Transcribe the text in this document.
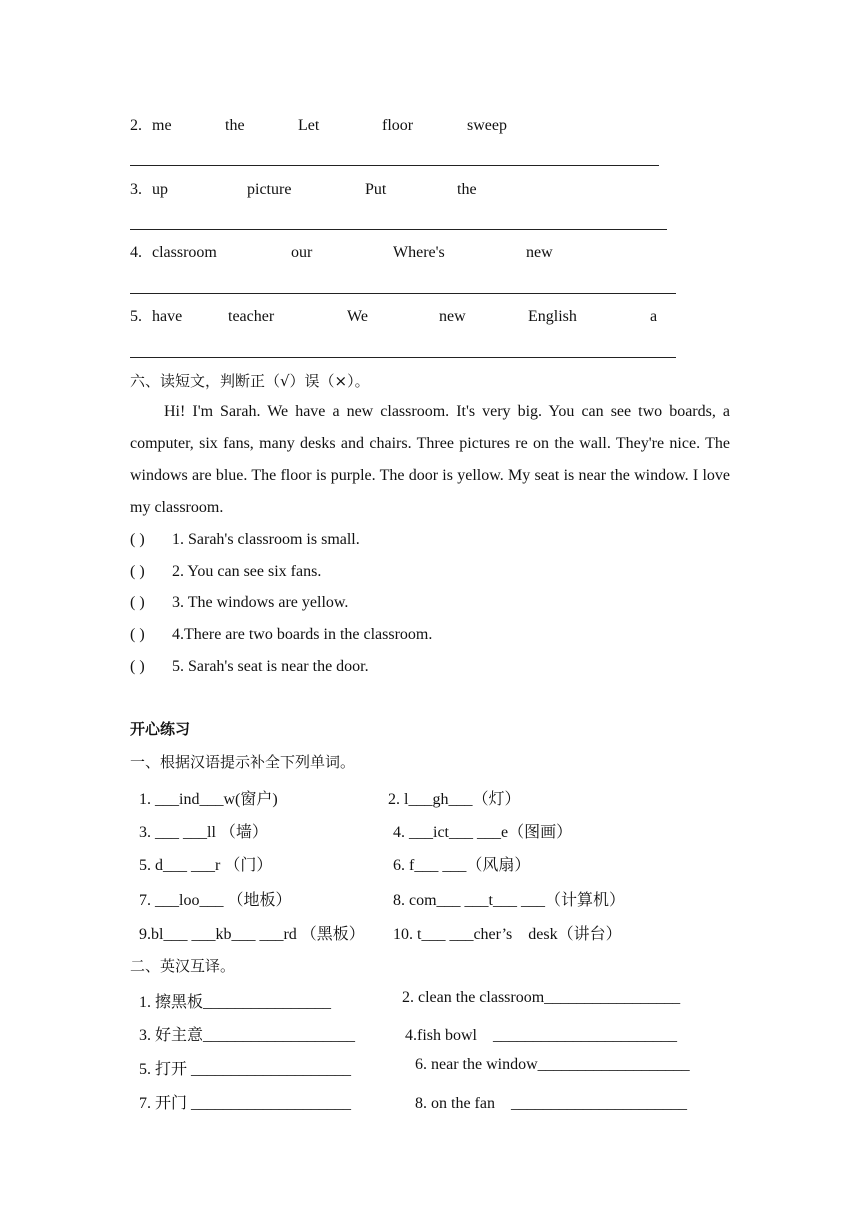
2. me	the	Let	floor	sweep
3. up	picture	Put	the
4. classroom	our	Where's	new
5. have	teacher	We	new	English	a
六、读短文，判断正（√）误（×）。
Hi! I'm Sarah. We have a new classroom. It's very big. You can see two boards, a computer, six fans, many desks and chairs. Three pictures re on the wall. They're nice. The windows are blue. The floor is purple. The door is yellow. My seat is near the window. I love my classroom.
( ) 1. Sarah's classroom is small.
( ) 2. You can see six fans.
( ) 3. The windows are yellow.
( ) 4.There are two boards in the classroom.
( ) 5. Sarah's seat is near the door.
开心练习
一、根据汉语提示补全下列单词。
1. ___ind___w(窗户)	2. l___gh___（灯）
3. ___ ___ll （墙）	4. ___ict___ ___e（图画）
5. d___ ___r （门）	6. f___ ___（风扇）
7. ___loo___ （地板）	8. com___ ___t___ ___（计算机）
9.bl___ ___kb___ ___rd （黑板） 10. t___ ___cher’s　desk（讲台）
二、英汉互译。
1. 擦黑板________________	2. clean the classroom_________________
3. 好主意___________________	4.fish bowl　_______________________
5. 打开 ____________________	6. near the window___________________
7. 开门 ____________________	8. on the fan　______________________
